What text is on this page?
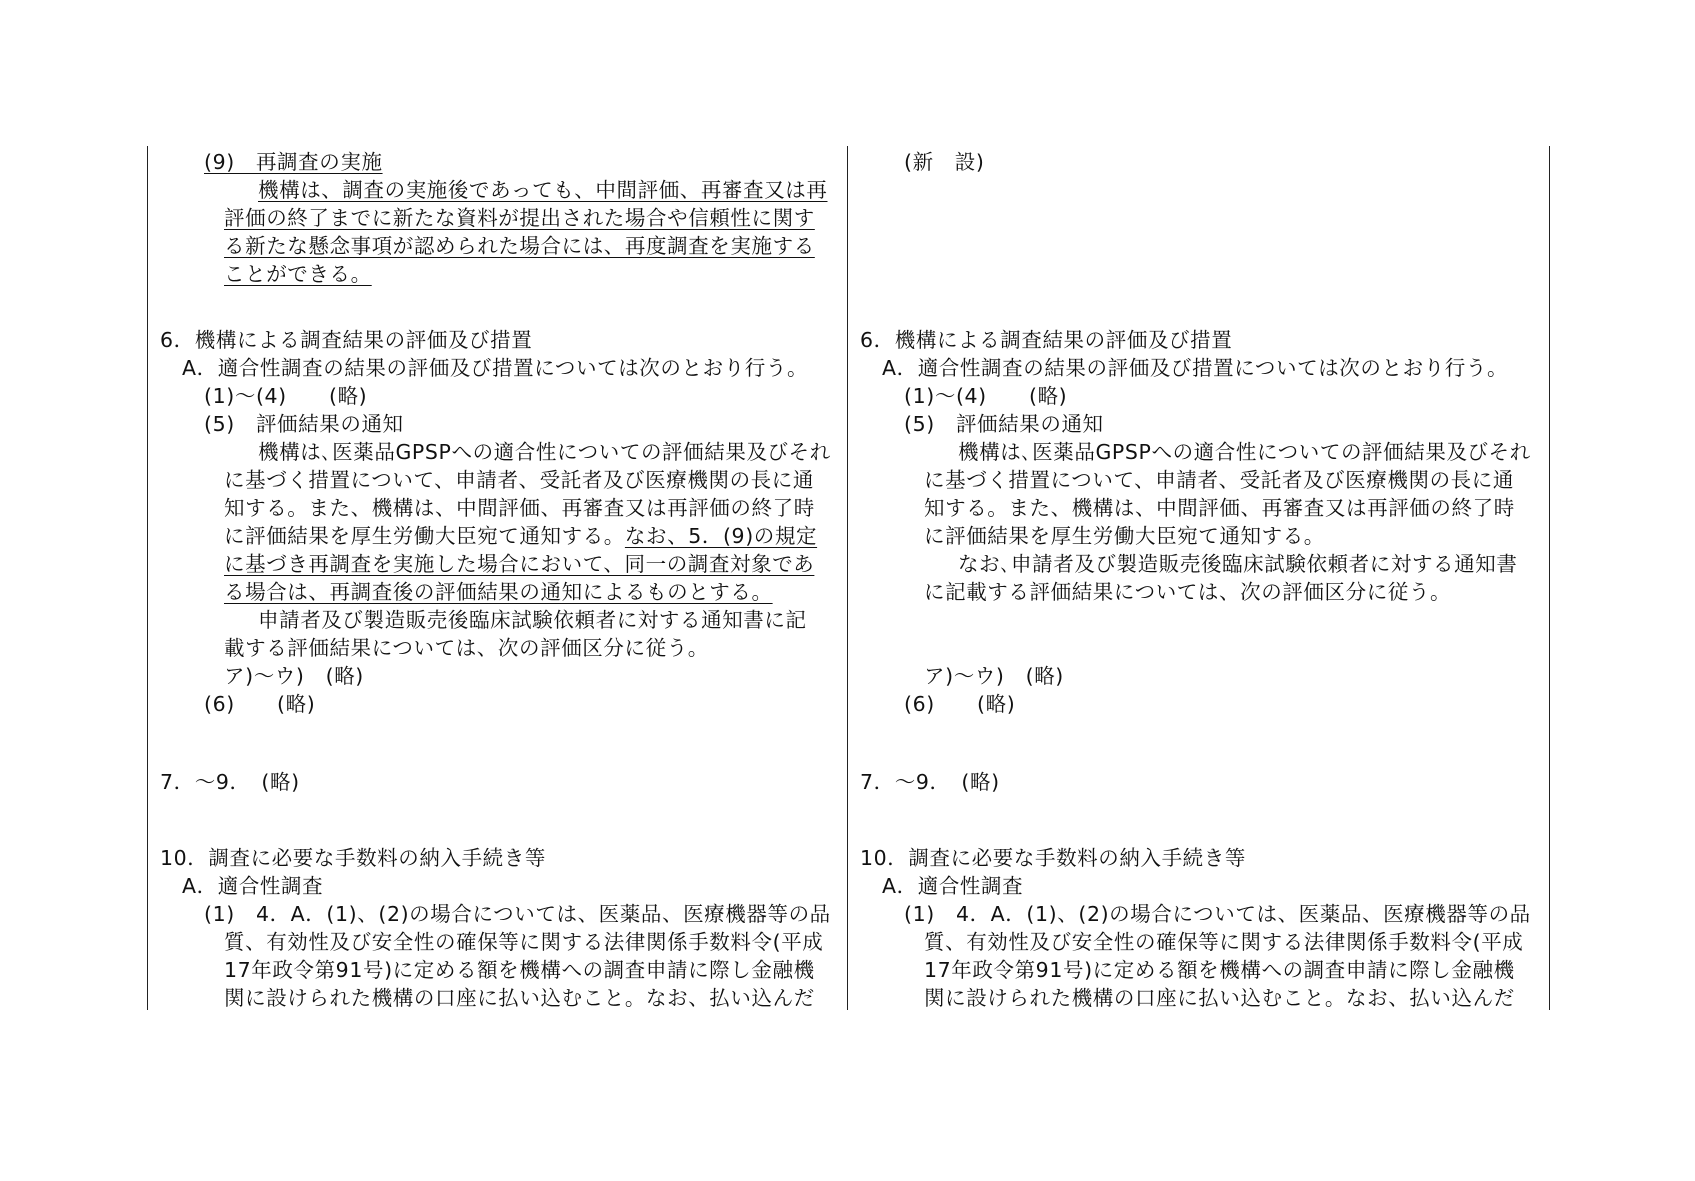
(9)　再調査の実施
機構は、調査の実施後であっても、中間評価、再審査又は再
評価の終了までに新たな資料が提出された場合や信頼性に関す
る新たな懸念事項が認められた場合には、再度調査を実施する
ことができる。
6．機構による調査結果の評価及び措置
A．適合性調査の結果の評価及び措置については次のとおり行う。
(1)～(4)　　(略)
(5)　評価結果の通知
機構は､医薬品GPSPへの適合性についての評価結果及びそれ
に基づく措置について、申請者、受託者及び医療機関の長に通
知する。また、機構は、中間評価、再審査又は再評価の終了時
に評価結果を厚生労働大臣宛て通知する。なお、5．(9)の規定
に基づき再調査を実施した場合において、同一の調査対象であ
る場合は、再調査後の評価結果の通知によるものとする。
申請者及び製造販売後臨床試験依頼者に対する通知書に記
載する評価結果については、次の評価区分に従う。
ア)～ウ)　(略)
(6)　　(略)
7．～9．　(略)
10．調査に必要な手数料の納入手続き等
A．適合性調査
(1)　4．A．(1)、(2)の場合については、医薬品、医療機器等の品
質、有効性及び安全性の確保等に関する法律関係手数料令(平成
17年政令第91号)に定める額を機構への調査申請に際し金融機
関に設けられた機構の口座に払い込むこと。なお、払い込んだ
(新　設)
6．機構による調査結果の評価及び措置
A．適合性調査の結果の評価及び措置については次のとおり行う。
(1)～(4)　　(略)
(5)　評価結果の通知
機構は､医薬品GPSPへの適合性についての評価結果及びそれ
に基づく措置について、申請者、受託者及び医療機関の長に通
知する。また、機構は、中間評価、再審査又は再評価の終了時
に評価結果を厚生労働大臣宛て通知する。
なお､申請者及び製造販売後臨床試験依頼者に対する通知書
に記載する評価結果については、次の評価区分に従う。
ア)～ウ)　(略)
(6)　　(略)
7．～9．　(略)
10．調査に必要な手数料の納入手続き等
A．適合性調査
(1)　4．A．(1)、(2)の場合については、医薬品、医療機器等の品
質、有効性及び安全性の確保等に関する法律関係手数料令(平成
17年政令第91号)に定める額を機構への調査申請に際し金融機
関に設けられた機構の口座に払い込むこと。なお、払い込んだ
